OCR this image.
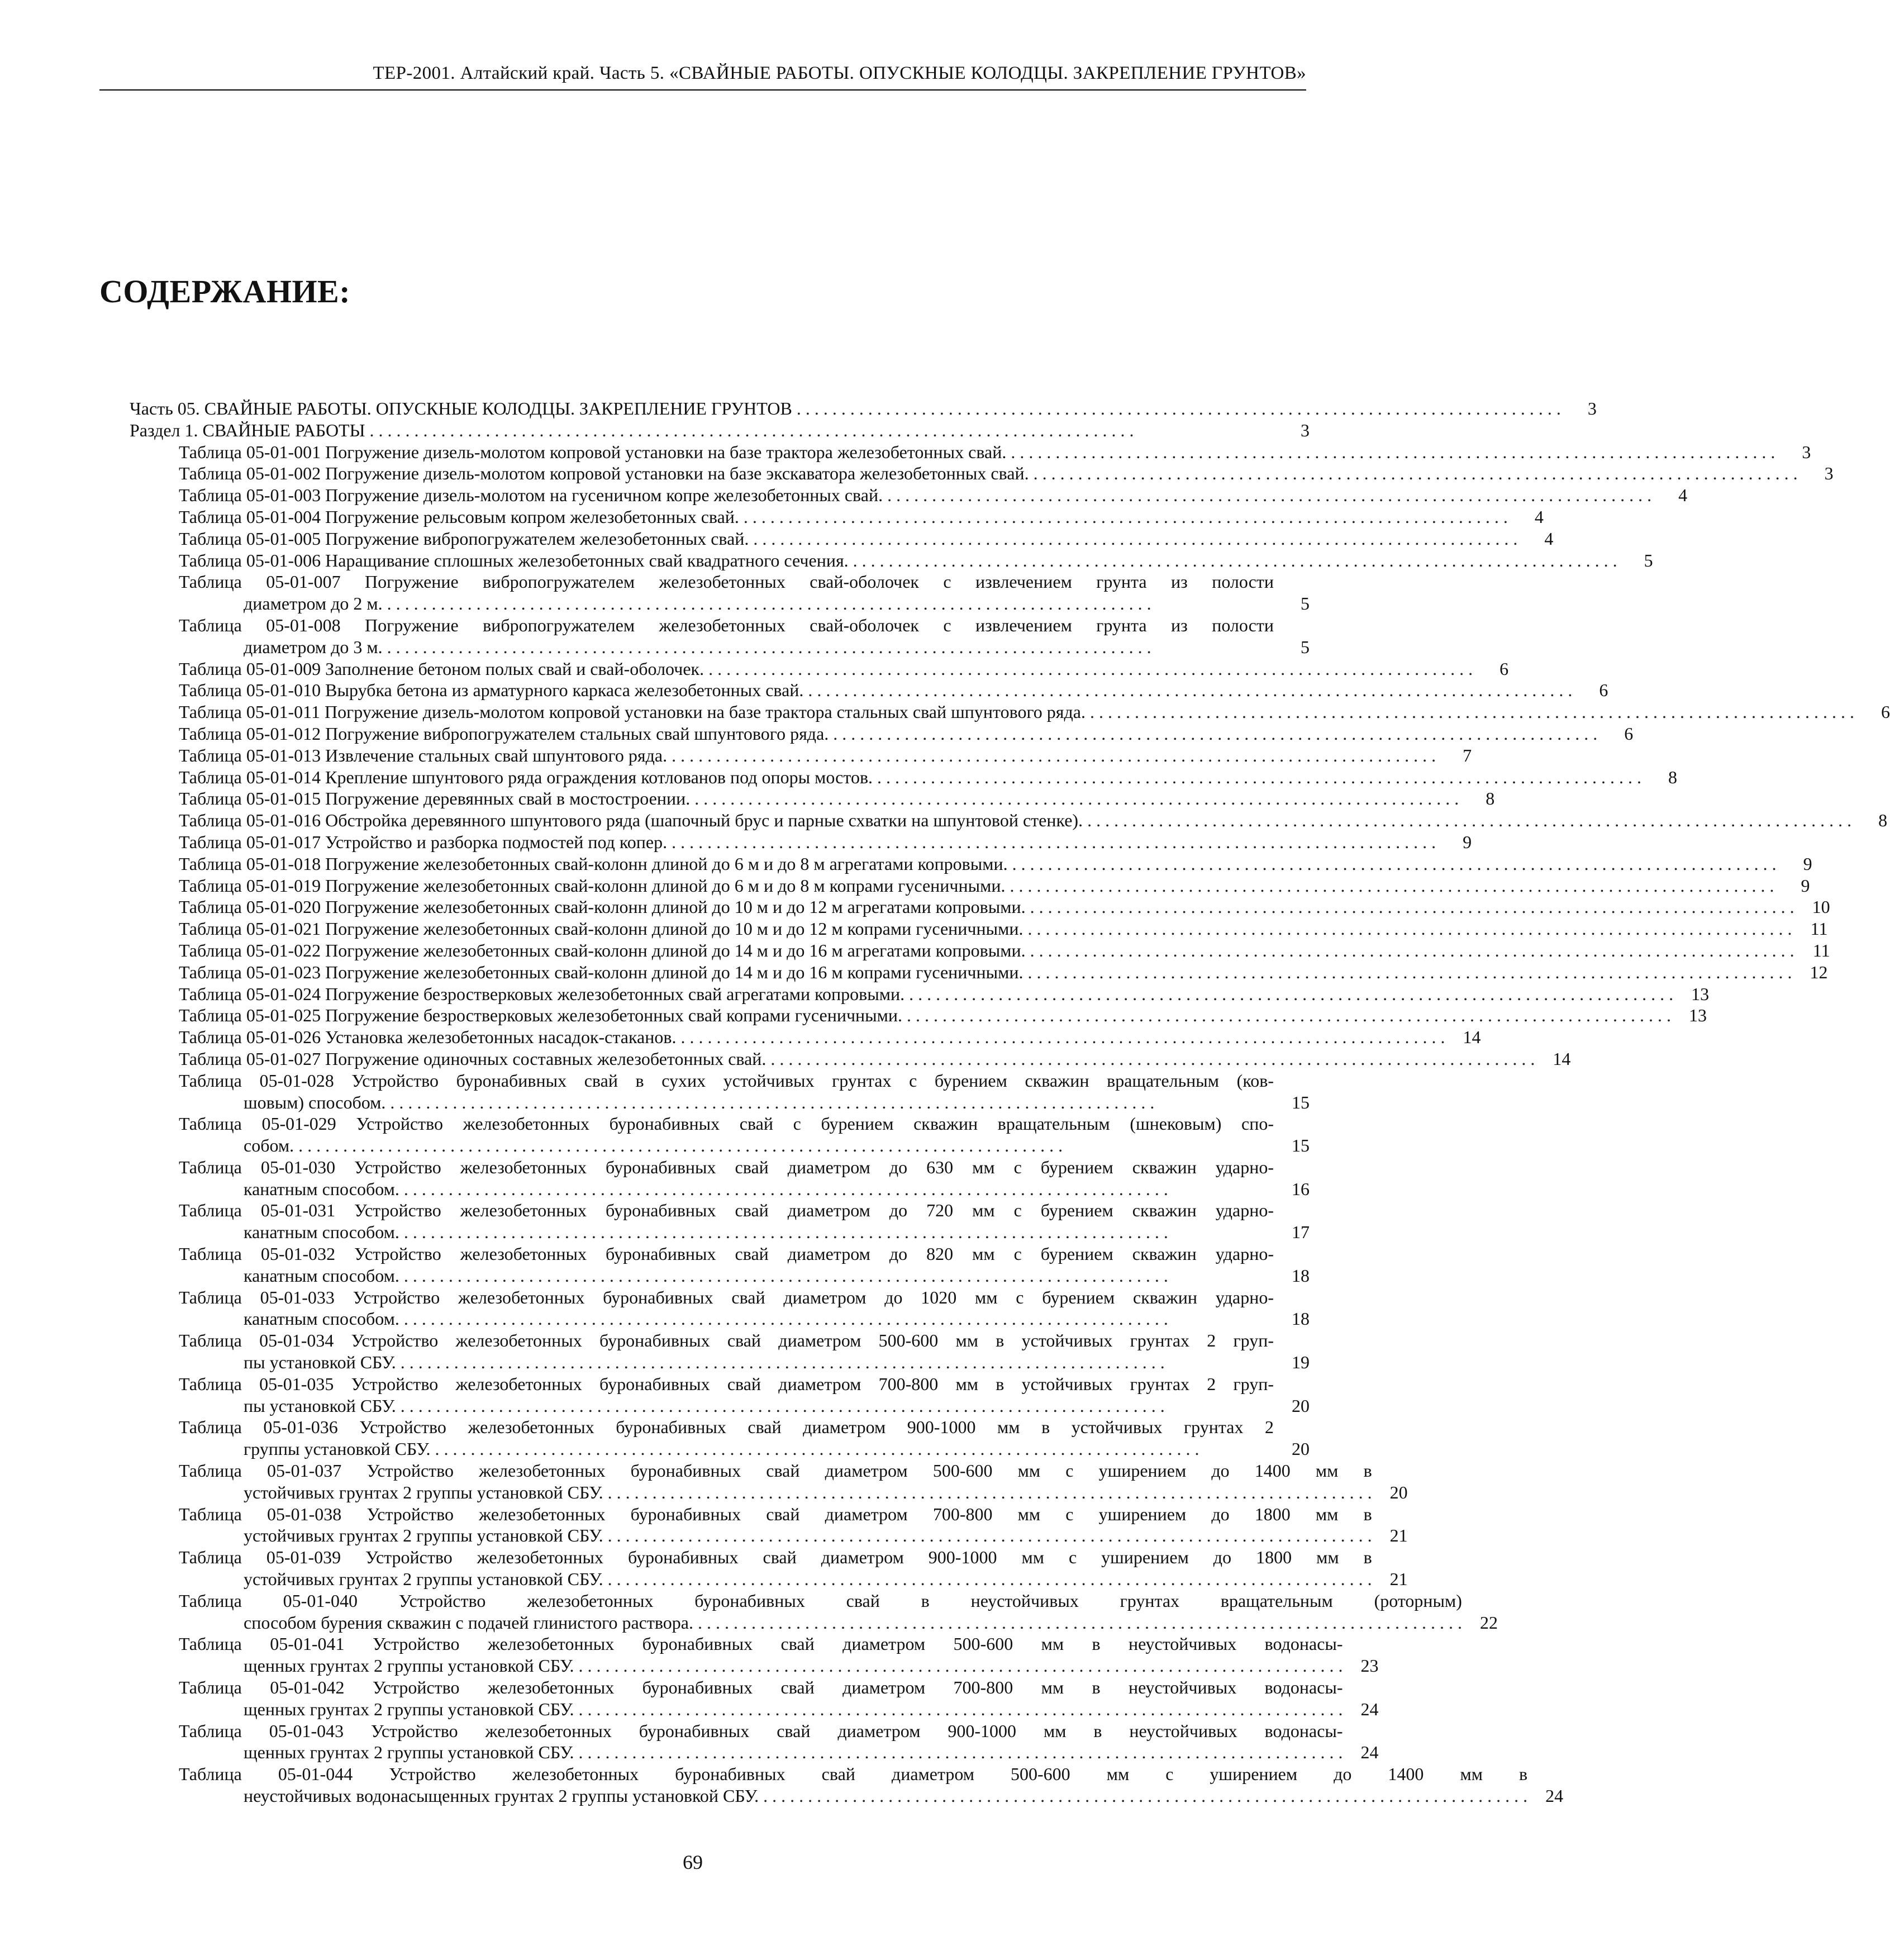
ТЕР-2001. Алтайский край. Часть 5. «СВАЙНЫЕ РАБОТЫ. ОПУСКНЫЕ КОЛОДЦЫ. ЗАКРЕПЛЕНИЕ ГРУНТОВ»
СОДЕРЖАНИЕ:
Часть 05. СВАЙНЫЕ РАБОТЫ. ОПУСКНЫЕ КОЛОДЦЫ. ЗАКРЕПЛЕНИЕ ГРУНТОВ . . . . . . . . . . . . . . . . . . . . . . . . . . . . . . . . . . . . . . . . . . . . . . . . . . . . . . . . . . . . . . . . . . . . . . . . . . . . . . . . . . . . . .	3
Раздел 1. СВАЙНЫЕ РАБОТЫ . . . . . . . . . . . . . . . . . . . . . . . . . . . . . . . . . . . . . . . . . . . . . . . . . . . . . . . . . . . . . . . . . . . . . . . . . . . . . . . . . . . . . .	3
Таблица 05-01-001 Погружение дизель-молотом копровой установки на базе трактора железобетонных свай. . . . . . . . . . . . . . . . . . . . . . . . . . . . . . . . . . . . . . . . . . . . . . . . . . . . . . . . . . . . . . . . . . . . . . . . . . . . . . . . . . . . . . .	3
Таблица 05-01-002 Погружение дизель-молотом копровой установки на базе экскаватора железобетонных свай. . . . . . . . . . . . . . . . . . . . . . . . . . . . . . . . . . . . . . . . . . . . . . . . . . . . . . . . . . . . . . . . . . . . . . . . . . . . . . . . . . . . . . .	3
Таблица 05-01-003 Погружение дизель-молотом на гусеничном копре железобетонных свай. . . . . . . . . . . . . . . . . . . . . . . . . . . . . . . . . . . . . . . . . . . . . . . . . . . . . . . . . . . . . . . . . . . . . . . . . . . . . . . . . . . . . . .	4
Таблица 05-01-004 Погружение рельсовым копром железобетонных свай. . . . . . . . . . . . . . . . . . . . . . . . . . . . . . . . . . . . . . . . . . . . . . . . . . . . . . . . . . . . . . . . . . . . . . . . . . . . . . . . . . . . . . .	4
Таблица 05-01-005 Погружение вибропогружателем железобетонных свай. . . . . . . . . . . . . . . . . . . . . . . . . . . . . . . . . . . . . . . . . . . . . . . . . . . . . . . . . . . . . . . . . . . . . . . . . . . . . . . . . . . . . . .	4
Таблица 05-01-006 Наращивание сплошных железобетонных свай квадратного сечения. . . . . . . . . . . . . . . . . . . . . . . . . . . . . . . . . . . . . . . . . . . . . . . . . . . . . . . . . . . . . . . . . . . . . . . . . . . . . . . . . . . . . . .	5
Таблица 05-01-007 Погружение вибропогружателем железобетонных свай-оболочек с извлечением грунта из полости
диаметром до 2 м. . . . . . . . . . . . . . . . . . . . . . . . . . . . . . . . . . . . . . . . . . . . . . . . . . . . . . . . . . . . . . . . . . . . . . . . . . . . . . . . . . . . . . .	5
Таблица 05-01-008 Погружение вибропогружателем железобетонных свай-оболочек с извлечением грунта из полости
диаметром до 3 м. . . . . . . . . . . . . . . . . . . . . . . . . . . . . . . . . . . . . . . . . . . . . . . . . . . . . . . . . . . . . . . . . . . . . . . . . . . . . . . . . . . . . . .	5
Таблица 05-01-009 Заполнение бетоном полых свай и свай-оболочек. . . . . . . . . . . . . . . . . . . . . . . . . . . . . . . . . . . . . . . . . . . . . . . . . . . . . . . . . . . . . . . . . . . . . . . . . . . . . . . . . . . . . . .	6
Таблица 05-01-010 Вырубка бетона из арматурного каркаса железобетонных свай. . . . . . . . . . . . . . . . . . . . . . . . . . . . . . . . . . . . . . . . . . . . . . . . . . . . . . . . . . . . . . . . . . . . . . . . . . . . . . . . . . . . . . .	6
Таблица 05-01-011 Погружение дизель-молотом копровой установки на базе трактора стальных свай шпунтового ряда. . . . . . . . . . . . . . . . . . . . . . . . . . . . . . . . . . . . . . . . . . . . . . . . . . . . . . . . . . . . . . . . . . . . . . . . . . . . . . . . . . . . . . .	6
Таблица 05-01-012 Погружение вибропогружателем стальных свай шпунтового ряда. . . . . . . . . . . . . . . . . . . . . . . . . . . . . . . . . . . . . . . . . . . . . . . . . . . . . . . . . . . . . . . . . . . . . . . . . . . . . . . . . . . . . . .	6
Таблица 05-01-013 Извлечение стальных свай шпунтового ряда. . . . . . . . . . . . . . . . . . . . . . . . . . . . . . . . . . . . . . . . . . . . . . . . . . . . . . . . . . . . . . . . . . . . . . . . . . . . . . . . . . . . . . .	7
Таблица 05-01-014 Крепление шпунтового ряда ограждения котлованов под опоры мостов. . . . . . . . . . . . . . . . . . . . . . . . . . . . . . . . . . . . . . . . . . . . . . . . . . . . . . . . . . . . . . . . . . . . . . . . . . . . . . . . . . . . . . .	8
Таблица 05-01-015 Погружение деревянных свай в мостостроении. . . . . . . . . . . . . . . . . . . . . . . . . . . . . . . . . . . . . . . . . . . . . . . . . . . . . . . . . . . . . . . . . . . . . . . . . . . . . . . . . . . . . . .	8
Таблица 05-01-016 Обстройка деревянного шпунтового ряда (шапочный брус и парные схватки на шпунтовой стенке). . . . . . . . . . . . . . . . . . . . . . . . . . . . . . . . . . . . . . . . . . . . . . . . . . . . . . . . . . . . . . . . . . . . . . . . . . . . . . . . . . . . . . .	8
Таблица 05-01-017 Устройство и разборка подмостей под копер. . . . . . . . . . . . . . . . . . . . . . . . . . . . . . . . . . . . . . . . . . . . . . . . . . . . . . . . . . . . . . . . . . . . . . . . . . . . . . . . . . . . . . .	9
Таблица 05-01-018 Погружение железобетонных свай-колонн длиной до 6 м и до 8 м агрегатами копровыми. . . . . . . . . . . . . . . . . . . . . . . . . . . . . . . . . . . . . . . . . . . . . . . . . . . . . . . . . . . . . . . . . . . . . . . . . . . . . . . . . . . . . . .	9
Таблица 05-01-019 Погружение железобетонных свай-колонн длиной до 6 м и до 8 м копрами гусеничными. . . . . . . . . . . . . . . . . . . . . . . . . . . . . . . . . . . . . . . . . . . . . . . . . . . . . . . . . . . . . . . . . . . . . . . . . . . . . . . . . . . . . . .	9
Таблица 05-01-020 Погружение железобетонных свай-колонн длиной до 10 м и до 12 м агрегатами копровыми. . . . . . . . . . . . . . . . . . . . . . . . . . . . . . . . . . . . . . . . . . . . . . . . . . . . . . . . . . . . . . . . . . . . . . . . . . . . . . . . . . . . . . .	10
Таблица 05-01-021 Погружение железобетонных свай-колонн длиной до 10 м и до 12 м копрами гусеничными. . . . . . . . . . . . . . . . . . . . . . . . . . . . . . . . . . . . . . . . . . . . . . . . . . . . . . . . . . . . . . . . . . . . . . . . . . . . . . . . . . . . . . .	11
Таблица 05-01-022 Погружение железобетонных свай-колонн длиной до 14 м и до 16 м агрегатами копровыми. . . . . . . . . . . . . . . . . . . . . . . . . . . . . . . . . . . . . . . . . . . . . . . . . . . . . . . . . . . . . . . . . . . . . . . . . . . . . . . . . . . . . . .	11
Таблица 05-01-023 Погружение железобетонных свай-колонн длиной до 14 м и до 16 м копрами гусеничными. . . . . . . . . . . . . . . . . . . . . . . . . . . . . . . . . . . . . . . . . . . . . . . . . . . . . . . . . . . . . . . . . . . . . . . . . . . . . . . . . . . . . . .	12
Таблица 05-01-024 Погружение безростверковых железобетонных свай агрегатами копровыми. . . . . . . . . . . . . . . . . . . . . . . . . . . . . . . . . . . . . . . . . . . . . . . . . . . . . . . . . . . . . . . . . . . . . . . . . . . . . . . . . . . . . . .	13
Таблица 05-01-025 Погружение безростверковых железобетонных свай копрами гусеничными. . . . . . . . . . . . . . . . . . . . . . . . . . . . . . . . . . . . . . . . . . . . . . . . . . . . . . . . . . . . . . . . . . . . . . . . . . . . . . . . . . . . . . .	13
Таблица 05-01-026 Установка железобетонных насадок-стаканов. . . . . . . . . . . . . . . . . . . . . . . . . . . . . . . . . . . . . . . . . . . . . . . . . . . . . . . . . . . . . . . . . . . . . . . . . . . . . . . . . . . . . . .	14
Таблица 05-01-027 Погружение одиночных составных железобетонных свай. . . . . . . . . . . . . . . . . . . . . . . . . . . . . . . . . . . . . . . . . . . . . . . . . . . . . . . . . . . . . . . . . . . . . . . . . . . . . . . . . . . . . . .	14
Таблица 05-01-028 Устройство буронабивных свай в сухих устойчивых грунтах с бурением скважин вращательным (ков-
шовым) способом. . . . . . . . . . . . . . . . . . . . . . . . . . . . . . . . . . . . . . . . . . . . . . . . . . . . . . . . . . . . . . . . . . . . . . . . . . . . . . . . . . . . . . .	15
Таблица 05-01-029 Устройство железобетонных буронабивных свай с бурением скважин вращательным (шнековым) спо-
собом. . . . . . . . . . . . . . . . . . . . . . . . . . . . . . . . . . . . . . . . . . . . . . . . . . . . . . . . . . . . . . . . . . . . . . . . . . . . . . . . . . . . . . .	15
Таблица 05-01-030 Устройство железобетонных буронабивных свай диаметром до 630 мм с бурением скважин ударно-
канатным способом. . . . . . . . . . . . . . . . . . . . . . . . . . . . . . . . . . . . . . . . . . . . . . . . . . . . . . . . . . . . . . . . . . . . . . . . . . . . . . . . . . . . . . .	16
Таблица 05-01-031 Устройство железобетонных буронабивных свай диаметром до 720 мм с бурением скважин ударно-
канатным способом. . . . . . . . . . . . . . . . . . . . . . . . . . . . . . . . . . . . . . . . . . . . . . . . . . . . . . . . . . . . . . . . . . . . . . . . . . . . . . . . . . . . . . .	17
Таблица 05-01-032 Устройство железобетонных буронабивных свай диаметром до 820 мм с бурением скважин ударно-
канатным способом. . . . . . . . . . . . . . . . . . . . . . . . . . . . . . . . . . . . . . . . . . . . . . . . . . . . . . . . . . . . . . . . . . . . . . . . . . . . . . . . . . . . . . .	18
Таблица 05-01-033 Устройство железобетонных буронабивных свай диаметром до 1020 мм с бурением скважин ударно-
канатным способом. . . . . . . . . . . . . . . . . . . . . . . . . . . . . . . . . . . . . . . . . . . . . . . . . . . . . . . . . . . . . . . . . . . . . . . . . . . . . . . . . . . . . . .	18
Таблица 05-01-034 Устройство железобетонных буронабивных свай диаметром 500-600 мм в устойчивых грунтах 2 груп-
пы установкой СБУ. . . . . . . . . . . . . . . . . . . . . . . . . . . . . . . . . . . . . . . . . . . . . . . . . . . . . . . . . . . . . . . . . . . . . . . . . . . . . . . . . . . . . . .	19
Таблица 05-01-035 Устройство железобетонных буронабивных свай диаметром 700-800 мм в устойчивых грунтах 2 груп-
пы установкой СБУ. . . . . . . . . . . . . . . . . . . . . . . . . . . . . . . . . . . . . . . . . . . . . . . . . . . . . . . . . . . . . . . . . . . . . . . . . . . . . . . . . . . . . . .	20
Таблица 05-01-036 Устройство железобетонных буронабивных свай диаметром 900-1000 мм в устойчивых грунтах 2
группы установкой СБУ. . . . . . . . . . . . . . . . . . . . . . . . . . . . . . . . . . . . . . . . . . . . . . . . . . . . . . . . . . . . . . . . . . . . . . . . . . . . . . . . . . . . . . .	20
Таблица 05-01-037 Устройство железобетонных буронабивных свай диаметром 500-600 мм с уширением до 1400 мм в
устойчивых грунтах 2 группы установкой СБУ. . . . . . . . . . . . . . . . . . . . . . . . . . . . . . . . . . . . . . . . . . . . . . . . . . . . . . . . . . . . . . . . . . . . . . . . . . . . . . . . . . . . . . .	20
Таблица 05-01-038 Устройство железобетонных буронабивных свай диаметром 700-800 мм с уширением до 1800 мм в
устойчивых грунтах 2 группы установкой СБУ. . . . . . . . . . . . . . . . . . . . . . . . . . . . . . . . . . . . . . . . . . . . . . . . . . . . . . . . . . . . . . . . . . . . . . . . . . . . . . . . . . . . . . .	21
Таблица 05-01-039 Устройство железобетонных буронабивных свай диаметром 900-1000 мм с уширением до 1800 мм в
устойчивых грунтах 2 группы установкой СБУ. . . . . . . . . . . . . . . . . . . . . . . . . . . . . . . . . . . . . . . . . . . . . . . . . . . . . . . . . . . . . . . . . . . . . . . . . . . . . . . . . . . . . . .	21
Таблица 05-01-040 Устройство железобетонных буронабивных свай в неустойчивых грунтах вращательным (роторным)
способом бурения скважин с подачей глинистого раствора. . . . . . . . . . . . . . . . . . . . . . . . . . . . . . . . . . . . . . . . . . . . . . . . . . . . . . . . . . . . . . . . . . . . . . . . . . . . . . . . . . . . . . .	22
Таблица 05-01-041 Устройство железобетонных буронабивных свай диаметром 500-600 мм в неустойчивых водонасы-
щенных грунтах 2 группы установкой СБУ. . . . . . . . . . . . . . . . . . . . . . . . . . . . . . . . . . . . . . . . . . . . . . . . . . . . . . . . . . . . . . . . . . . . . . . . . . . . . . . . . . . . . . .	23
Таблица 05-01-042 Устройство железобетонных буронабивных свай диаметром 700-800 мм в неустойчивых водонасы-
щенных грунтах 2 группы установкой СБУ. . . . . . . . . . . . . . . . . . . . . . . . . . . . . . . . . . . . . . . . . . . . . . . . . . . . . . . . . . . . . . . . . . . . . . . . . . . . . . . . . . . . . . .	24
Таблица 05-01-043 Устройство железобетонных буронабивных свай диаметром 900-1000 мм в неустойчивых водонасы-
щенных грунтах 2 группы установкой СБУ. . . . . . . . . . . . . . . . . . . . . . . . . . . . . . . . . . . . . . . . . . . . . . . . . . . . . . . . . . . . . . . . . . . . . . . . . . . . . . . . . . . . . . .	24
Таблица 05-01-044 Устройство железобетонных буронабивных свай диаметром 500-600 мм с уширением до 1400 мм в
неустойчивых водонасыщенных грунтах 2 группы установкой СБУ. . . . . . . . . . . . . . . . . . . . . . . . . . . . . . . . . . . . . . . . . . . . . . . . . . . . . . . . . . . . . . . . . . . . . . . . . . . . . . . . . . . . . . .	24
69
